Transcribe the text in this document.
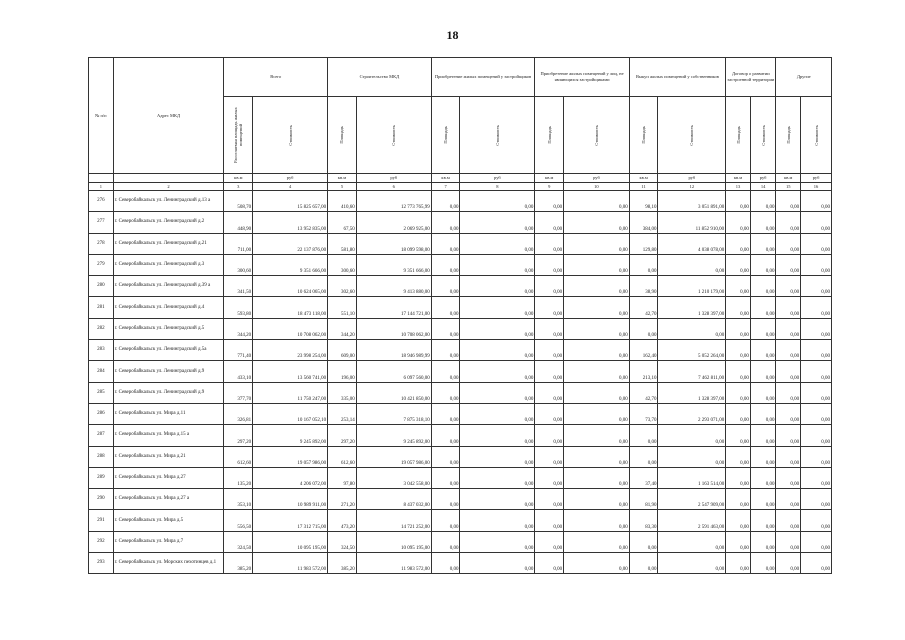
18
№ п/п	Адрес МКД	Всего		Строительство МКД		Приобретение жилых помещений у застройщиков		Приобретение жилых помещений у лиц, не являющихся застройщиками		Выкуп жилых помещений у собственников		Договор о развитии застроенной территории		Другие	

		Расселяемая площадь жилых помещений	Стоимость	Площадь	Стоимость	Площадь	Стоимость	Площадь	Стоимость	Площадь	Стоимость	Площадь	Стоимость	Площадь	Стоимость

		кв.м	руб	кв.м	руб	кв.м	руб	кв.м	руб	кв.м	руб	кв.м	руб	кв.м	руб
1	2	3	4	5	6	7	8	9	10	11	12	13	14	15	16
276	г. Северобайкальск ул. Ленинградский д.13 а	508,70	15 825 657,00	410,60	12 773 765,99	0,00	0,00	0,00	0,00	98,10	3 051 891,00	0,00	0,00	0,00	0,00
277	г. Северобайкальск ул. Ленинградский д.2	448,90	13 952 835,00	67,50	2 069 925,00	0,00	0,00	0,00	0,00	384,00	11 852 910,00	0,00	0,00	0,00	0,00
278	г. Северобайкальск ул. Ленинградский д.21	711,00	22 137 876,00	581,80	18 099 598,00	0,00	0,00	0,00	0,00	129,80	4 038 078,00	0,00	0,00	0,00	0,00
279	г. Северобайкальск ул. Ленинградский д.3	300,60	9 351 666,00	300,60	9 351 666,00	0,00	0,00	0,00	0,00	0,00	0,00	0,00	0,00	0,00	0,00
280	г. Северобайкальск ул. Ленинградский д.39 а	341,50	10 624 065,00	302,60	9 413 880,00	0,00	0,00	0,00	0,00	38,90	1 210 179,00	0,00	0,00	0,00	0,00
281	г. Северобайкальск ул. Ленинградский д.4	593,80	18 473 118,00	551,10	17 144 721,00	0,00	0,00	0,00	0,00	42,70	1 328 397,00	0,00	0,00	0,00	0,00
282	г. Северобайкальск ул. Ленинградский д.5	344,20	10 708 062,00	344,20	10 708 062,00	0,00	0,00	0,00	0,00	0,00	0,00	0,00	0,00	0,00	0,00
283	г. Северобайкальск ул. Ленинградский д.5а	771,40	23 998 254,00	609,00	18 946 989,99	0,00	0,00	0,00	0,00	162,40	5 052 264,00	0,00	0,00	0,00	0,00
284	г. Северобайкальск ул. Ленинградский д.9	433,10	13 560 741,00	196,00	6 097 560,00	0,00	0,00	0,00	0,00	213,10	7 462 811,00	0,00	0,00	0,00	0,00
285	г. Северобайкальск ул. Ленинградский д.9	377,70	11 750 247,00	335,00	10 421 850,00	0,00	0,00	0,00	0,00	42,70	1 328 397,00	0,00	0,00	0,00	0,00
286	г. Северобайкальск ул. Мира д.11	326,81	10 167 052,10	253,14	7 875 318,10	0,00	0,00	0,00	0,00	73,70	2 293 071,00	0,00	0,00	0,00	0,00
287	г. Северобайкальск ул. Мира д.15 а	297,20	9 245 892,00	297,20	9 245 892,00	0,00	0,00	0,00	0,00	0,00	0,00	0,00	0,00	0,00	0,00
288	г. Северобайкальск ул. Мира д.21	612,60	19 057 986,00	612,60	19 057 986,00	0,00	0,00	0,00	0,00	0,00	0,00	0,00	0,00	0,00	0,00
289	г. Северобайкальск ул. Мира д.27	135,20	4 206 072,00	97,80	3 042 558,00	0,00	0,00	0,00	0,00	37,40	1 163 514,00	0,00	0,00	0,00	0,00
290	г. Северобайкальск ул. Мира д.27 а	353,10	10 989 911,00	271,20	8 437 032,00	0,00	0,00	0,00	0,00	81,90	2 547 909,00	0,00	0,00	0,00	0,00
291	г. Северобайкальск ул. Мира д.5	556,50	17 312 715,00	473,20	14 721 252,00	0,00	0,00	0,00	0,00	83,30	2 591 463,00	0,00	0,00	0,00	0,00
292	г. Северобайкальск ул. Мира д.7	324,50	10 095 195,00	324,50	10 095 195,00	0,00	0,00	0,00	0,00	0,00	0,00	0,00	0,00	0,00	0,00
293	г. Северобайкальск ул. Морских пехотинцев д.1	385,20	11 983 572,00	385,20	11 983 572,00	0,00	0,00	0,00	0,00	0,00	0,00	0,00	0,00	0,00	0,00
